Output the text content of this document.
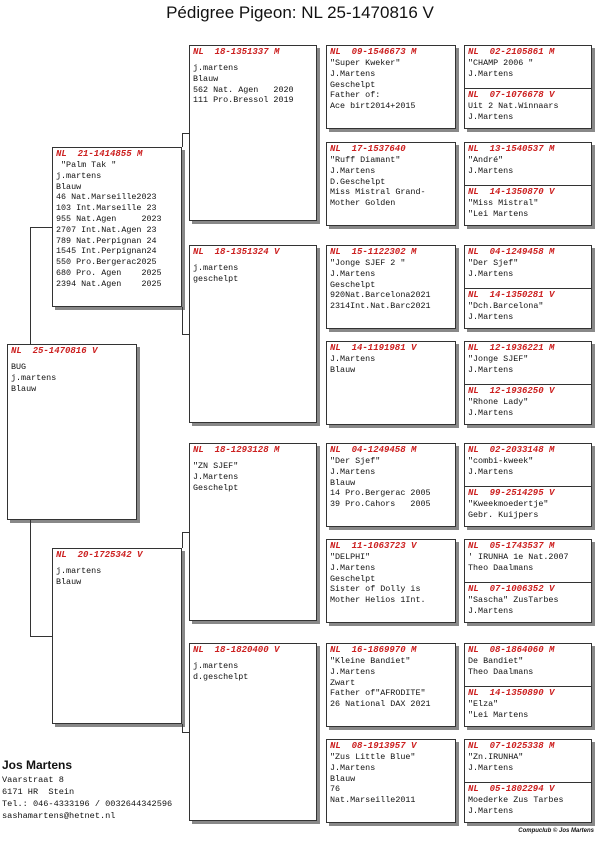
Pédigree Pigeon: NL 25-1470816 V
NL  25-1470816 V
BUG
j.martens
Blauw
NL  21-1414855 M
"Palm Tak "
j.martens
Blauw
46 Nat.Marseille2023
103 Int.Marseille 23
955 Nat.Agen     2023
2707 Int.Nat.Agen 23
789 Nat.Perpignan 24
1545 Int.Perpignan24
550 Pro.Bergerac2025
680 Pro. Agen    2025
2394 Nat.Agen    2025
NL  20-1725342 V
j.martens
Blauw
NL  18-1351337 M
j.martens
Blauw
562 Nat. Agen   2020
111 Pro.Bressol 2019
NL  18-1351324 V
j.martens
geschelpt
NL  18-1293128 M
"ZN SJEF"
J.Martens
Geschelpt
NL  18-1820400 V
j.martens
d.geschelpt
NL  09-1546673 M
"Super Kweker"
J.Martens
Geschelpt
Father of:
Ace birt2014+2015
NL  17-1537640
"Ruff Diamant"
J.Martens
D.Geschelpt
Miss Mistral Grand-
Mother Golden
NL  15-1122302 M
"Jonge SJEF 2 "
J.Martens
Geschelpt
920Nat.Barcelona2021
2314Int.Nat.Barc2021
NL  14-1191981 V
J.Martens
Blauw
NL  04-1249458 M
"Der Sjef"
J.Martens
Blauw
14 Pro.Bergerac 2005
39 Pro.Cahors   2005
NL  11-1063723 V
"DELPHI"
J.Martens
Geschelpt
Sister of Dolly is
Mother Helios 1Int.
NL  16-1869970 M
"Kleine Bandiet"
J.Martens
Zwart
Father of"AFRODITE"
26 National DAX 2021
NL  08-1913957 V
"Zus Little Blue"
J.Martens
Blauw
76
Nat.Marseille2011
NL  02-2105861 M
"CHAMP 2006 "
J.Martens
NL  07-1076678 V
Uit 2 Nat.Winnaars
J.Martens
NL  13-1540537 M
"André"
J.Martens
NL  14-1350870 V
"Miss Mistral"
"Lei Martens
NL  04-1249458 M
"Der Sjef"
J.Martens
NL  14-1350281 V
"Dch.Barcelona"
J.Martens
NL  12-1936221 M
"Jonge SJEF"
J.Martens
NL  12-1936250 V
"Rhone Lady"
J.Martens
NL  02-2033148 M
"combi-kweek"
J.Martens
NL  99-2514295 V
"Kweekmoedertje"
Gebr. Kuijpers
NL  05-1743537 M
' IRUNHA 1e Nat.2007
Theo Daalmans
NL  07-1006352 V
"Sascha" ZusTarbes
J.Martens
NL  08-1864060 M
De Bandiet"
Theo Daalmans
NL  14-1350890 V
"Elza"
"Lei Martens
NL  07-1025338 M
"Zn.IRUNHA"
J.Martens
NL  05-1802294 V
Moederke Zus Tarbes
J.Martens
Jos Martens
Vaarstraat 8
6171 HR  Stein
Tel.: 046-4333196 / 0032644342596
sashamartens@hetnet.nl
Compuclub © Jos Martens
